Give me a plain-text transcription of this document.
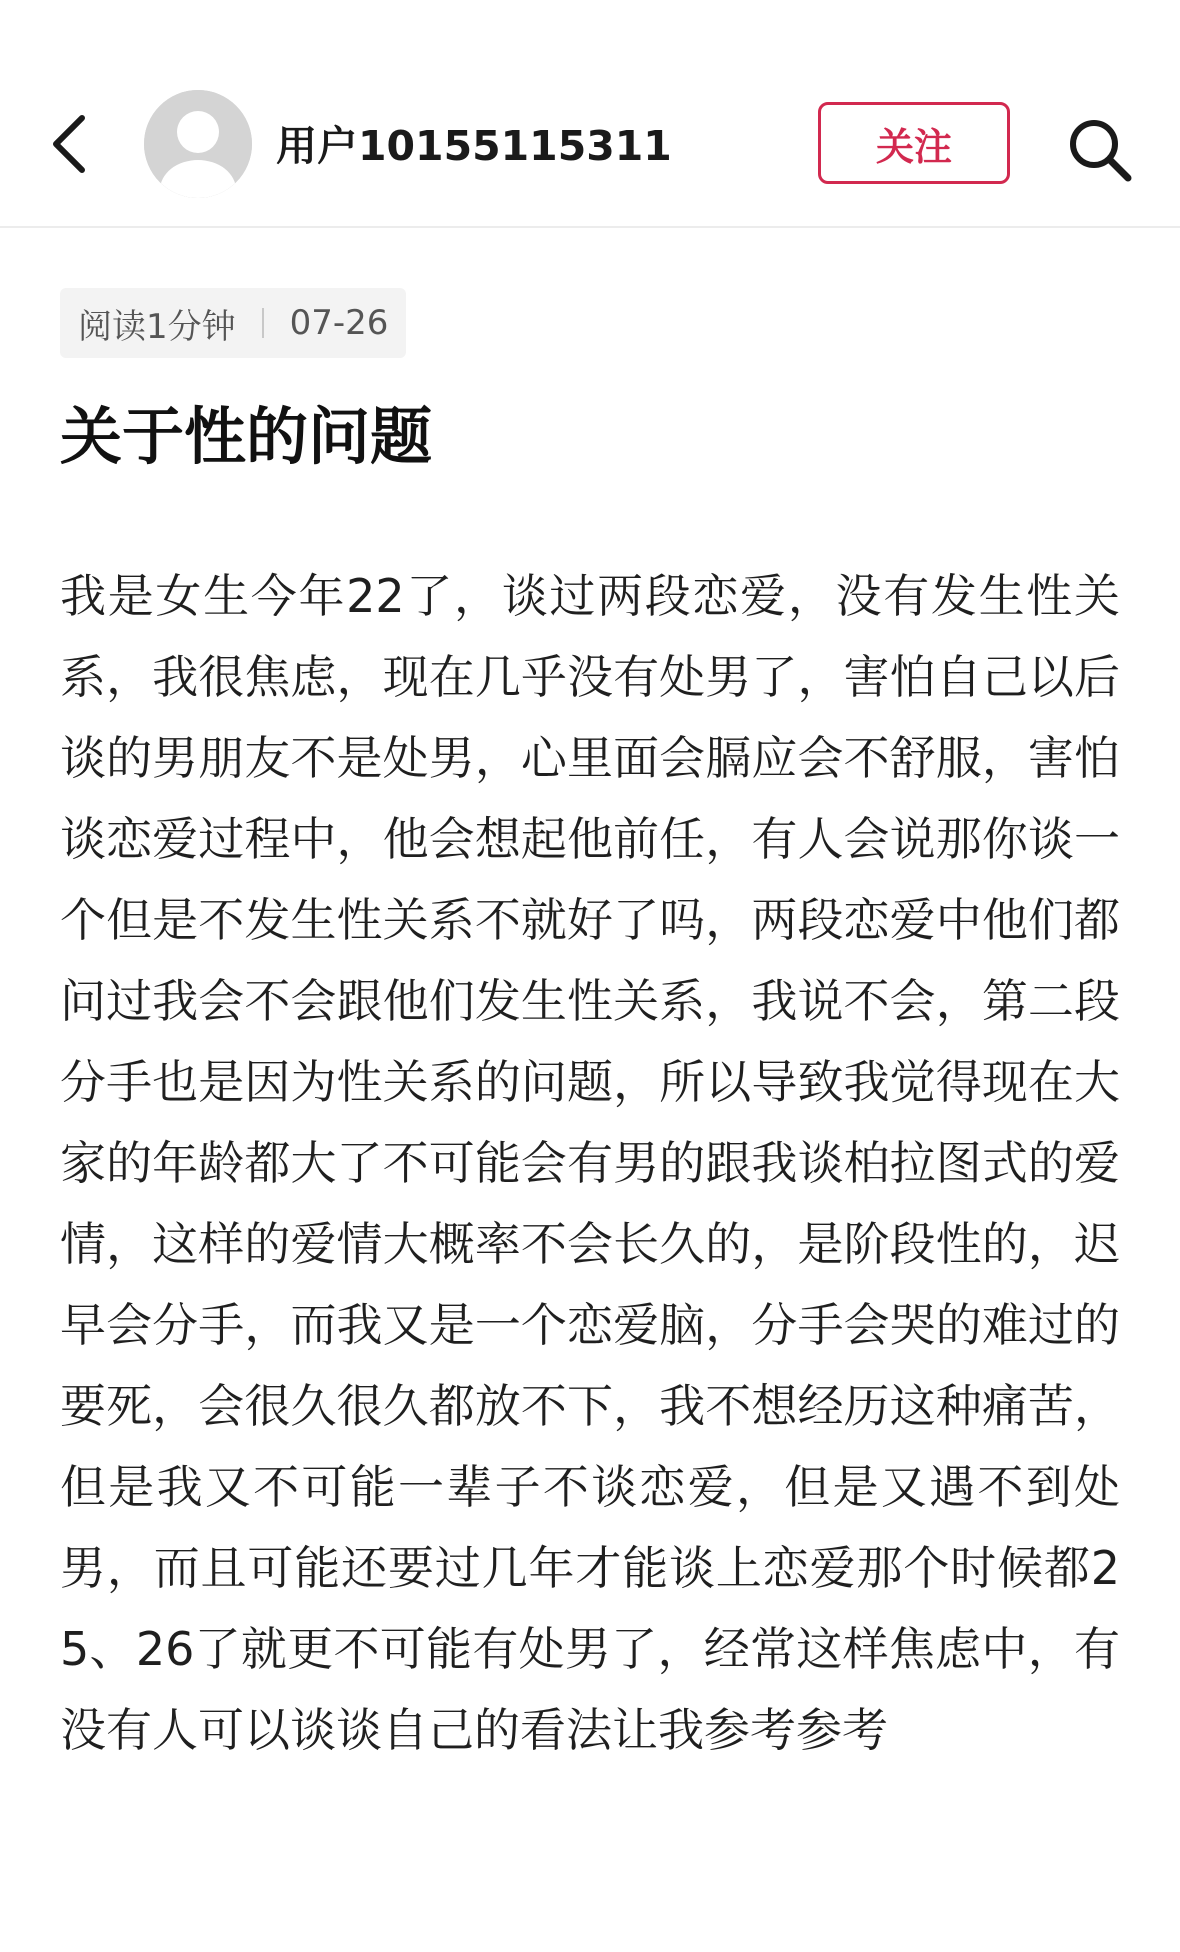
用户10155115311	关注
阅读1分钟 07-26
关于性的问题

我是女生今年22了，谈过两段恋爱，没有发生性关系，我很焦虑，现在几乎没有处男了，害怕自己以后谈的男朋友不是处男，心里面会膈应会不舒服，害怕谈恋爱过程中，他会想起他前任，有人会说那你谈一个但是不发生性关系不就好了吗，两段恋爱中他们都问过我会不会跟他们发生性关系，我说不会，第二段分手也是因为性关系的问题，所以导致我觉得现在大家的年龄都大了不可能会有男的跟我谈柏拉图式的爱情，这样的爱情大概率不会长久的，是阶段性的，迟早会分手，而我又是一个恋爱脑，分手会哭的难过的要死，会很久很久都放不下，我不想经历这种痛苦，但是我又不可能一辈子不谈恋爱，但是又遇不到处男，而且可能还要过几年才能谈上恋爱那个时候都25、26了就更不可能有处男了，经常这样焦虑中，有没有人可以谈谈自己的看法让我参考参考
